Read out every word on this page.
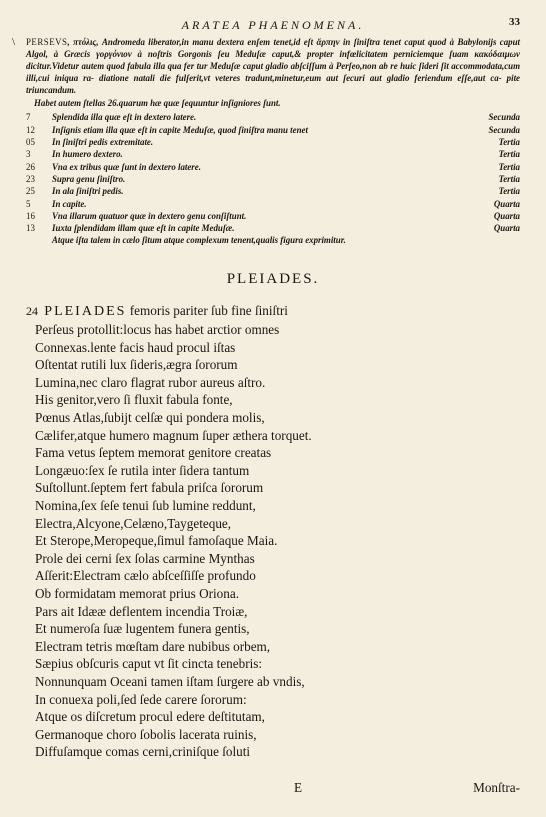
\
ARATEA PHAENOMENA.	33

PERSEVS, πτόλις, Andromeda liberator,in manu dextera enſem tenet,id eſt ἅρπην in ſiniſtra tenet caput quod à Babylonijs caput Algol, à Græcis γοργόνιον à noſtris Gorgonis ſeu Meduſæ caput,& propter infœlicitatem perniciemque ſuam κακόδαιμων dicitur.Videtur autem quod fabula illa qua fer tur Meduſæ caput gladio abſciſſum à Perſeo,non ab re huic ſideri ſit accommodata,cum illi,cui iniqua ra- diatione natali die fulſerit,vt veteres tradunt,minetur,eum aut ſecuri aut gladio feriendum eſſe,aut ca- pite triuncandum.

Habet autem ſtellas 26.quarum hæ quæ ſequuntur inſigniores ſunt.
7	Splendida illa quæ eſt in dextero latere.	Secunda
12	Inſignis etiam illa quæ eſt in capite Meduſæ, quod ſiniſtra manu tenet	Secunda
05	In ſiniſtri pedis extremitate.	Tertia
3	In humero dextero.	Tertia
26	Vna ex tribus quæ ſunt in dextero latere.	Tertia
23	Supra genu ſiniſtro.	Tertia
25	In ala ſiniſtri pedis.	Tertia
5	In capite.	Quarta
16	Vna illarum quatuor quæ in dextero genu conſiſtunt.	Quarta
13	Iuxta ſplendidam illam quæ eſt in capite Meduſæ.	Quarta
Atque iſta talem in cælo ſitum atque complexum tenent,qualis figura exprimitur.
PLEIADES.
24 PLEIADES femoris pariter ſub fine ſiniſtri
Perſeus protollit:locus has habet arctior omnes
Connexas.lente facis haud procul iſtas
Oſtentat rutili lux ſideris,ægra ſororum
Lumina,nec claro flagrat rubor aureus aſtro.
His genitor,vero ſi fluxit fabula fonte,
Pœnus Atlas,ſubijt celſæ qui pondera molis,
Cælifer,atque humero magnum ſuper æthera torquet.
Fama vetus ſeptem memorat genitore creatas
Longæuo:ſex ſe rutila inter ſidera tantum
Suſtollunt.ſeptem fert fabula priſca ſororum
Nomina,ſex ſeſe tenui ſub lumine reddunt,
Electra,Alcyone,Celæno,Taygeteque,
Et Sterope,Meropeque,ſimul famoſaque Maia.
Prole dei cerni ſex ſolas carmine Mynthas
Aſſerit:Electram cælo abſceſſiſſe profundo
Ob formidatam memorat prius Oriona.
Pars ait Idææ deflentem incendia Troiæ,
Et numeroſa ſuæ lugentem funera gentis,
Electram tetris mœſtam dare nubibus orbem,
Sæpius obſcuris caput vt ſit cincta tenebris:
Nonnunquam Oceani tamen iſtam ſurgere ab vndis,
In conuexa poli,ſed ſede carere ſororum:
Atque os diſcretum procul edere deſtitutam,
Germanoque choro ſobolis lacerata ruinis,
Diffuſamque comas cerni,criniſque ſoluti
E	Monſtra-
